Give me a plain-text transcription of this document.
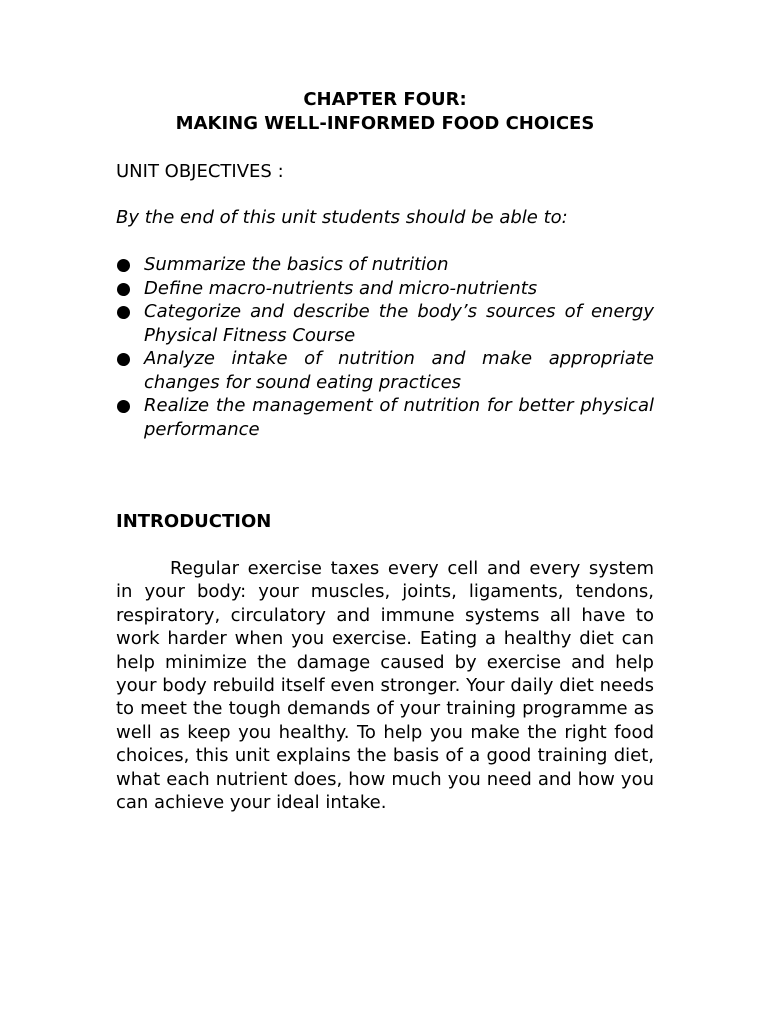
CHAPTER FOUR:
MAKING WELL-INFORMED FOOD CHOICES

UNIT OBJECTIVES :

By the end of this unit students should be able to:

Summarize the basics of nutrition
Define macro-nutrients and micro-nutrients
Categorize and describe the body’s sources of energy Physical Fitness Course
Analyze intake of nutrition and make appropriate changes for sound eating practices
Realize the management of nutrition for better physical performance
INTRODUCTION

Regular exercise taxes every cell and every system in your body: your muscles, joints, ligaments, tendons, respiratory, circulatory and immune systems all have to work harder when you exercise. Eating a healthy diet can help minimize the damage caused by exercise and help your body rebuild itself even stronger. Your daily diet needs to meet the tough demands of your training programme as well as keep you healthy. To help you make the right food choices, this unit explains the basis of a good training diet, what each nutrient does, how much you need and how you can achieve your ideal intake.
